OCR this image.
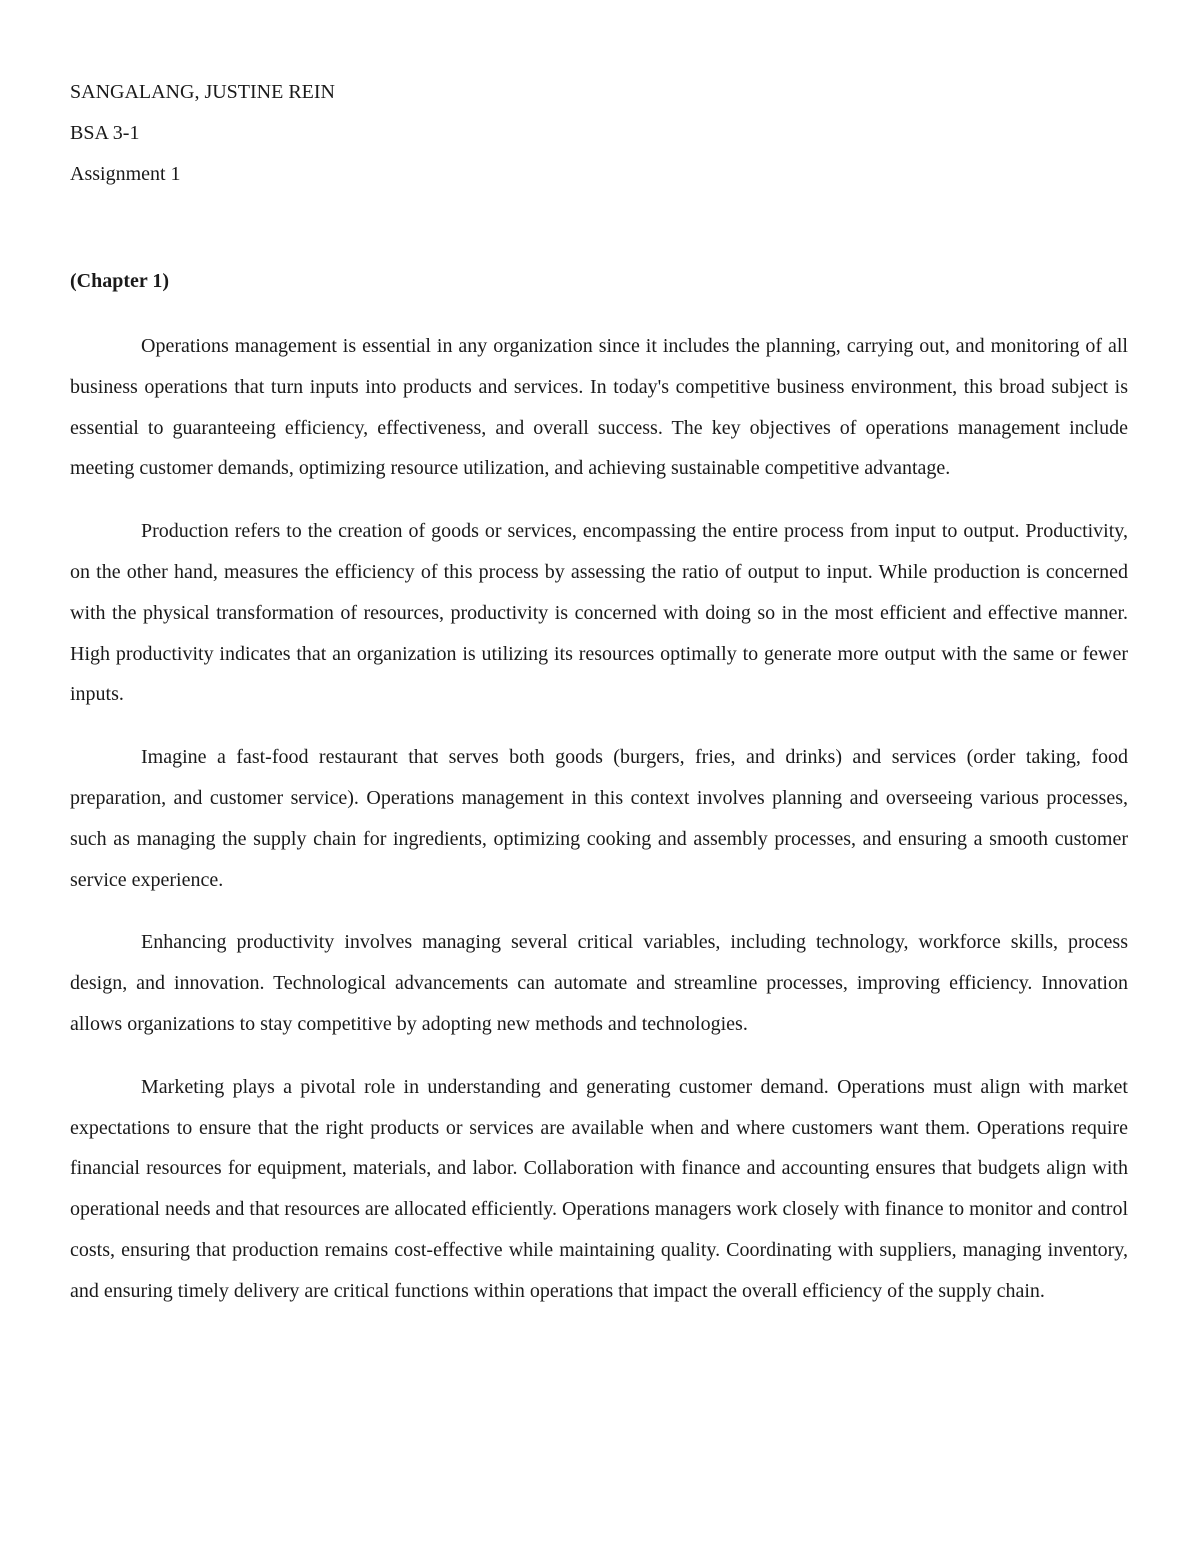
SANGALANG, JUSTINE REIN

BSA 3-1

Assignment 1

(Chapter 1)

Operations management is essential in any organization since it includes the planning, carrying out, and monitoring of all business operations that turn inputs into products and services. In today's competitive business environment, this broad subject is essential to guaranteeing efficiency, effectiveness, and overall success. The key objectives of operations management include meeting customer demands, optimizing resource utilization, and achieving sustainable competitive advantage.

Production refers to the creation of goods or services, encompassing the entire process from input to output. Productivity, on the other hand, measures the efficiency of this process by assessing the ratio of output to input. While production is concerned with the physical transformation of resources, productivity is concerned with doing so in the most efficient and effective manner. High productivity indicates that an organization is utilizing its resources optimally to generate more output with the same or fewer inputs.

Imagine a fast-food restaurant that serves both goods (burgers, fries, and drinks) and services (order taking, food preparation, and customer service). Operations management in this context involves planning and overseeing various processes, such as managing the supply chain for ingredients, optimizing cooking and assembly processes, and ensuring a smooth customer service experience.

Enhancing productivity involves managing several critical variables, including technology, workforce skills, process design, and innovation. Technological advancements can automate and streamline processes, improving efficiency. Innovation allows organizations to stay competitive by adopting new methods and technologies.

Marketing plays a pivotal role in understanding and generating customer demand. Operations must align with market expectations to ensure that the right products or services are available when and where customers want them. Operations require financial resources for equipment, materials, and labor. Collaboration with finance and accounting ensures that budgets align with operational needs and that resources are allocated efficiently. Operations managers work closely with finance to monitor and control costs, ensuring that production remains cost-effective while maintaining quality. Coordinating with suppliers, managing inventory, and ensuring timely delivery are critical functions within operations that impact the overall efficiency of the supply chain.
